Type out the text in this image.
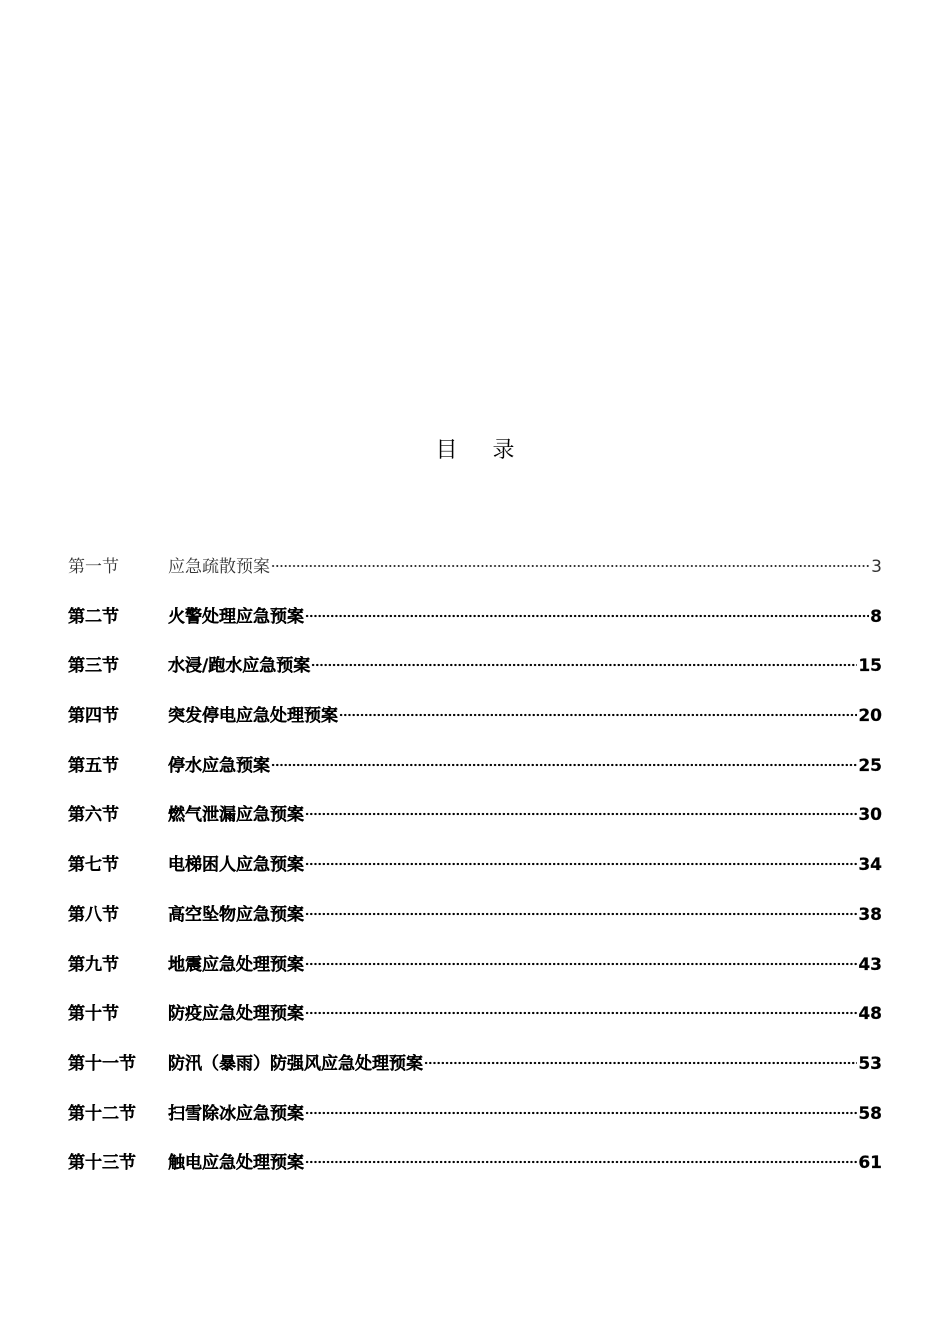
目 录
第一节	应急疏散预案	3
第二节	火警处理应急预案	8
第三节	水浸/跑水应急预案	15
第四节	突发停电应急处理预案	20
第五节	停水应急预案	25
第六节	燃气泄漏应急预案	30
第七节	电梯困人应急预案	34
第八节	高空坠物应急预案	38
第九节	地震应急处理预案	43
第十节	防疫应急处理预案	48
第十一节	防汛（暴雨）防强风应急处理预案	53
第十二节	扫雪除冰应急预案	58
第十三节	触电应急处理预案	61
